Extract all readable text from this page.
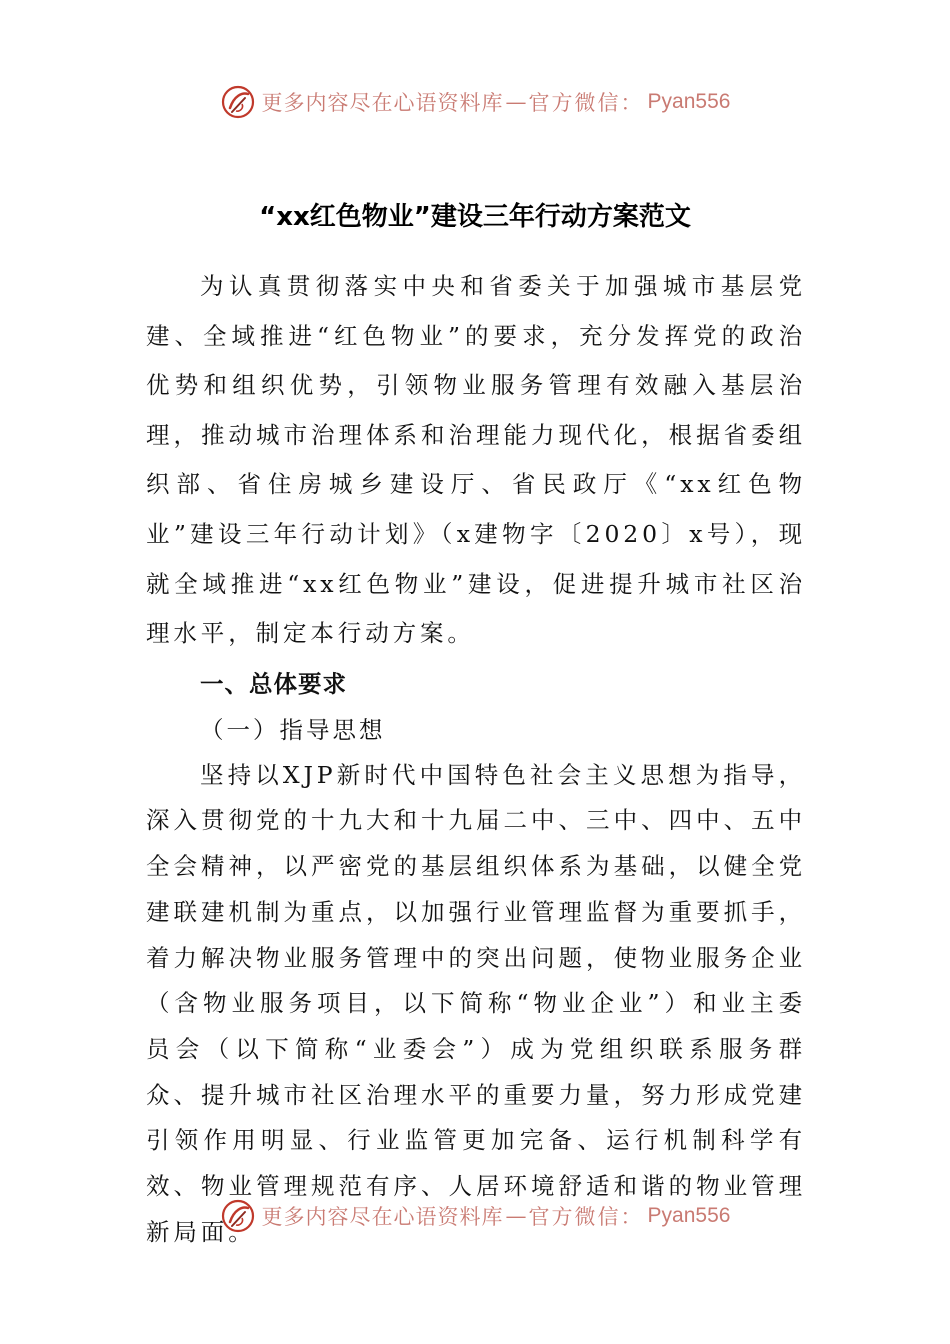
更多内容尽在心语资料库 — 官方微信： Pyan556
“xx红色物业”建设三年行动方案范文

为认真贯彻落实中央和省委关于加强城市基层党建、全域推进“红色物业”的要求，充分发挥党的政治优势和组织优势，引领物业服务管理有效融入基层治理，推动城市治理体系和治理能力现代化，根据省委组织部、省住房城乡建设厅、省民政厅《“xx红色物业”建设三年行动计划》（x建物字〔2020〕x号），现就全域推进“xx红色物业”建设，促进提升城市社区治理水平，制定本行动方案。

一、总体要求

（一）指导思想

坚持以XJP新时代中国特色社会主义思想为指导，深入贯彻党的十九大和十九届二中、三中、四中、五中全会精神，以严密党的基层组织体系为基础，以健全党建联建机制为重点，以加强行业管理监督为重要抓手，着力解决物业服务管理中的突出问题，使物业服务企业（含物业服务项目，以下简称“物业企业”）和业主委员会（以下简称“业委会”）成为党组织联系服务群众、提升城市社区治理水平的重要力量，努力形成党建引领作用明显、行业监管更加完备、运行机制科学有效、物业管理规范有序、人居环境舒适和谐的物业管理新局面。

更多内容尽在心语资料库 — 官方微信： Pyan556
